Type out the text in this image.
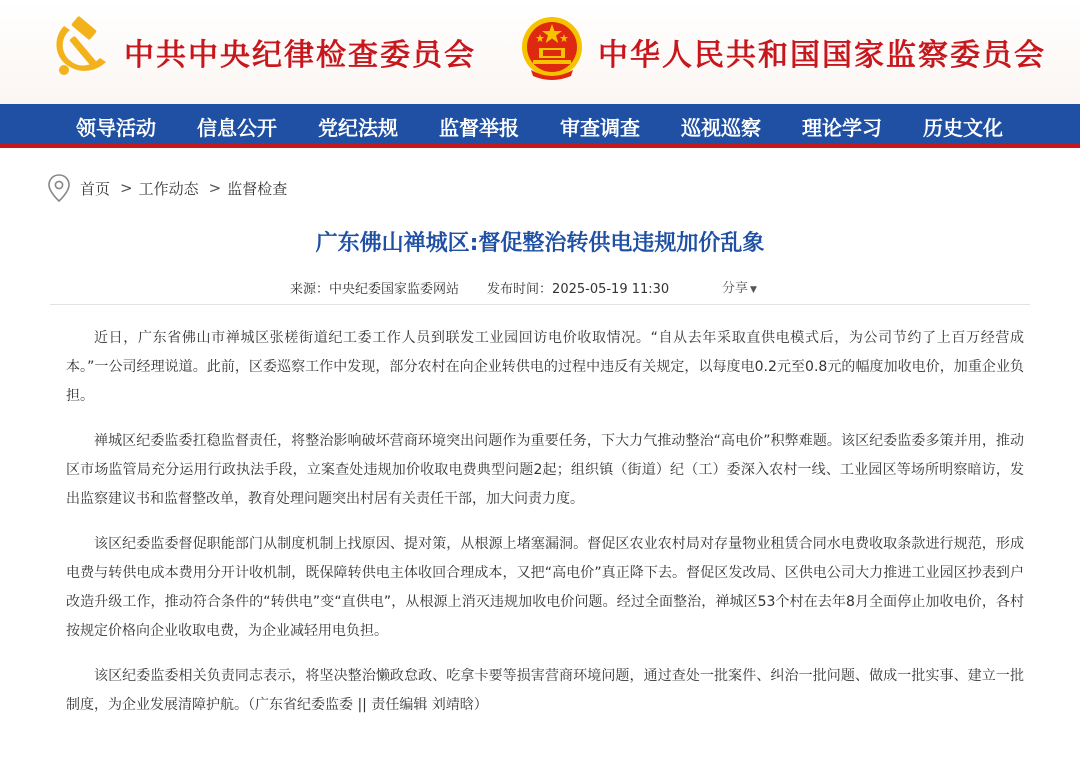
中共中央纪律检查委员会	中华人民共和国国家监察委员会
领导活动 信息公开 党纪法规 监督举报 审查调查 巡视巡察 理论学习 历史文化
首页 > 工作动态 > 监督检查
广东佛山禅城区:督促整治转供电违规加价乱象
来源：中央纪委国家监委网站 发布时间：2025-05-19 11:30	分享 ▼

近日，广东省佛山市禅城区张槎街道纪工委工作人员到联发工业园回访电价收取情况。“自从去年采取直供电模式后，为公司节约了上百万经营成本。”一公司经理说道。此前，区委巡察工作中发现，部分农村在向企业转供电的过程中违反有关规定，以每度电0.2元至0.8元的幅度加收电价，加重企业负担。

禅城区纪委监委扛稳监督责任，将整治影响破坏营商环境突出问题作为重要任务，下大力气推动整治“高电价”积弊难题。该区纪委监委多策并用，推动区市场监管局充分运用行政执法手段，立案查处违规加价收取电费典型问题2起；组织镇（街道）纪（工）委深入农村一线、工业园区等场所明察暗访，发出监察建议书和监督整改单，教育处理问题突出村居有关责任干部，加大问责力度。

该区纪委监委督促职能部门从制度机制上找原因、提对策，从根源上堵塞漏洞。督促区农业农村局对存量物业租赁合同水电费收取条款进行规范，形成电费与转供电成本费用分开计收机制，既保障转供电主体收回合理成本，又把“高电价”真正降下去。督促区发改局、区供电公司大力推进工业园区抄表到户改造升级工作，推动符合条件的“转供电”变“直供电”，从根源上消灭违规加收电价问题。经过全面整治，禅城区53个村在去年8月全面停止加收电价，各村按规定价格向企业收取电费，为企业减轻用电负担。

该区纪委监委相关负责同志表示，将坚决整治懒政怠政、吃拿卡要等损害营商环境问题，通过查处一批案件、纠治一批问题、做成一批实事、建立一批制度，为企业发展清障护航。（广东省纪委监委 || 责任编辑 刘靖晗）
